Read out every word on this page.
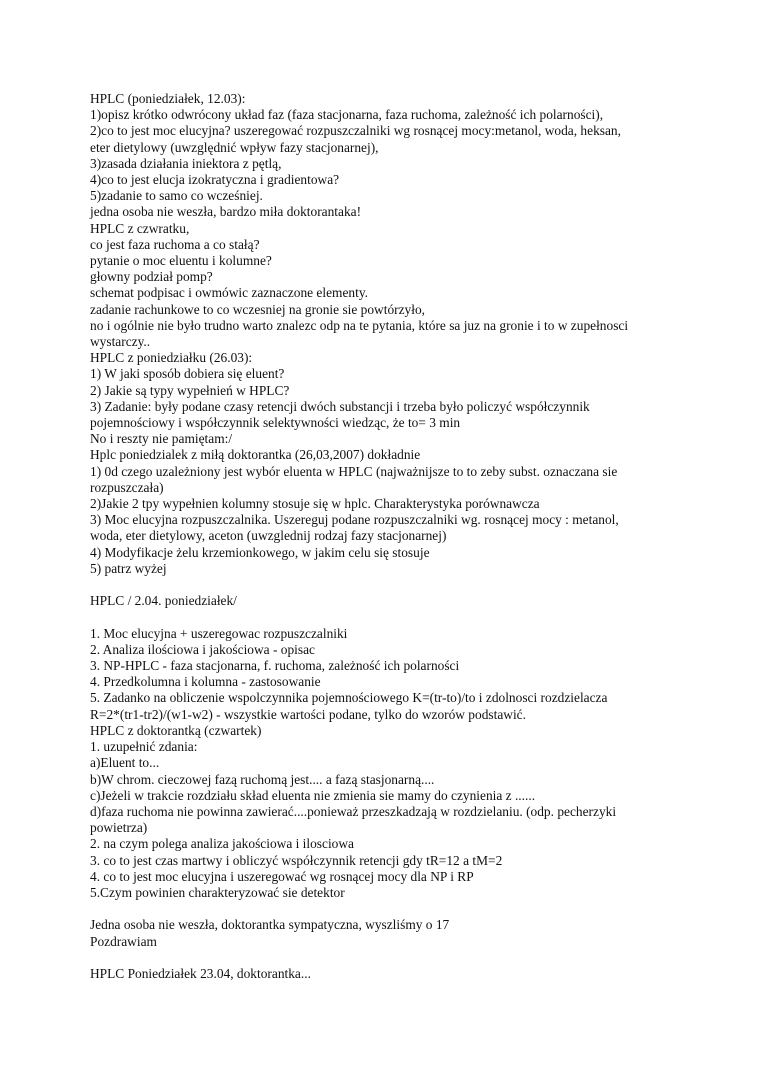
HPLC (poniedziałek, 12.03):
1)opisz krótko odwrócony układ faz (faza stacjonarna, faza ruchoma, zależność ich polarności),
2)co to jest moc elucyjna? uszeregować rozpuszczalniki wg rosnącej mocy:metanol, woda, heksan,
eter dietylowy (uwzględnić wpływ fazy stacjonarnej),
3)zasada działania iniektora z pętlą,
4)co to jest elucja izokratyczna i gradientowa?
5)zadanie to samo co wcześniej.
jedna osoba nie weszła, bardzo miła doktorantaka!
HPLC z czwratku,
co jest faza ruchoma a co stałą?
pytanie o moc eluentu i kolumne?
głowny podział pomp?
schemat podpisac i owmówic zaznaczone elementy.
zadanie rachunkowe to co wczesniej na gronie sie powtórzyło,
no i ogólnie nie było trudno warto znalezc odp na te pytania, które sa juz na gronie i to w zupełnosci
wystarczy..
HPLC z poniedziałku (26.03):
1) W jaki sposób dobiera się eluent?
2) Jakie są typy wypełnień w HPLC?
3) Zadanie: były podane czasy retencji dwóch substancji i trzeba było policzyć współczynnik
pojemnościowy i współczynnik selektywności wiedząc, że to= 3 min
No i reszty nie pamiętam:/
Hplc poniedzialek z miłą doktorantka (26,03,2007) dokładnie
1) 0d czego uzależniony jest wybór eluenta w HPLC (najważnijsze to to zeby subst. oznaczana sie
rozpuszczała)
2)Jakie 2 tpy wypełnien kolumny stosuje się w hplc. Charakterystyka porównawcza
3) Moc elucyjna rozpuszczalnika. Uszereguj podane rozpuszczalniki wg. rosnącej mocy : metanol,
woda, eter dietylowy, aceton (uwzglednij rodzaj fazy stacjonarnej)
4) Modyfikacje żelu krzemionkowego, w jakim celu się stosuje
5) patrz wyżej
HPLC / 2.04. poniedziałek/
1. Moc elucyjna + uszeregowac rozpuszczalniki
2. Analiza ilościowa i jakościowa - opisac
3. NP-HPLC - faza stacjonarna, f. ruchoma, zależność ich polarności
4. Przedkolumna i kolumna - zastosowanie
5. Zadanko na obliczenie wspolczynnika pojemnościowego K=(tr-to)/to i zdolnosci rozdzielacza
R=2*(tr1-tr2)/(w1-w2) - wszystkie wartości podane, tylko do wzorów podstawić.
HPLC z doktorantką (czwartek)
1. uzupełnić zdania:
a)Eluent to...
b)W chrom. cieczowej fazą ruchomą jest.... a fazą stasjonarną....
c)Jeżeli w trakcie rozdziału skład eluenta nie zmienia sie mamy do czynienia z ......
d)faza ruchoma nie powinna zawierać....ponieważ przeszkadzają w rozdzielaniu. (odp. pecherzyki
powietrza)
2. na czym polega analiza jakościowa i ilosciowa
3. co to jest czas martwy i obliczyć współczynnik retencji gdy tR=12 a tM=2
4. co to jest moc elucyjna i uszeregować wg rosnącej mocy dla NP i RP
5.Czym powinien charakteryzować sie detektor
Jedna osoba nie weszła, doktorantka sympatyczna, wyszliśmy o 17
Pozdrawiam
HPLC Poniedziałek 23.04, doktorantka...
